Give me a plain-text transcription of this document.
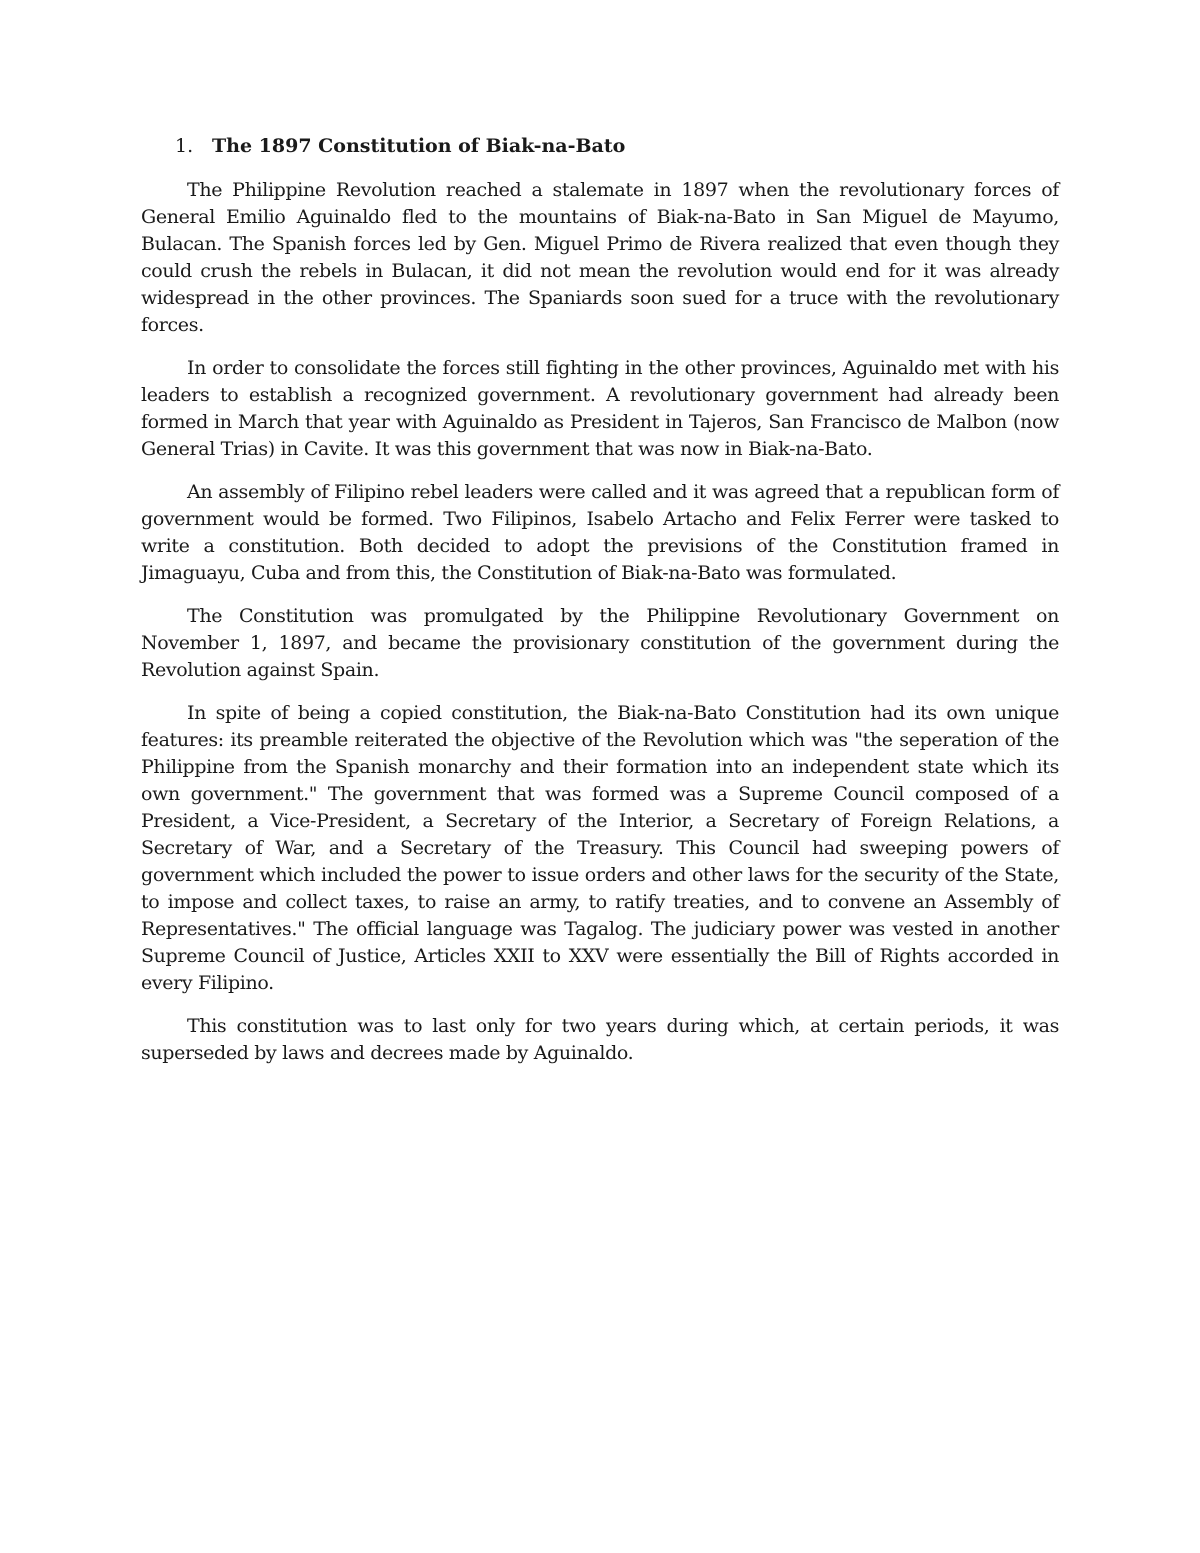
1. The 1897 Constitution of Biak-na-Bato

The Philippine Revolution reached a stalemate in 1897 when the revolutionary forces of General Emilio Aguinaldo fled to the mountains of Biak-na-Bato in San Miguel de Mayumo, Bulacan. The Spanish forces led by Gen. Miguel Primo de Rivera realized that even though they could crush the rebels in Bulacan, it did not mean the revolution would end for it was already widespread in the other provinces. The Spaniards soon sued for a truce with the revolutionary forces.

In order to consolidate the forces still fighting in the other provinces, Aguinaldo met with his leaders to establish a recognized government. A revolutionary government had already been formed in March that year with Aguinaldo as President in Tajeros, San Francisco de Malbon (now General Trias) in Cavite. It was this government that was now in Biak-na-Bato.

An assembly of Filipino rebel leaders were called and it was agreed that a republican form of government would be formed. Two Filipinos, Isabelo Artacho and Felix Ferrer were tasked to write a constitution. Both decided to adopt the previsions of the Constitution framed in Jimaguayu, Cuba and from this, the Constitution of Biak-na-Bato was formulated.

The Constitution was promulgated by the Philippine Revolutionary Government on November 1, 1897, and became the provisionary constitution of the government during the Revolution against Spain.

In spite of being a copied constitution, the Biak-na-Bato Constitution had its own unique features: its preamble reiterated the objective of the Revolution which was "the seperation of the Philippine from the Spanish monarchy and their formation into an independent state which its own government." The government that was formed was a Supreme Council composed of a President, a Vice-President, a Secretary of the Interior, a Secretary of Foreign Relations, a Secretary of War, and a Secretary of the Treasury. This Council had sweeping powers of government which included the power to issue orders and other laws for the security of the State, to impose and collect taxes, to raise an army, to ratify treaties, and to convene an Assembly of Representatives." The official language was Tagalog. The judiciary power was vested in another Supreme Council of Justice, Articles XXII to XXV were essentially the Bill of Rights accorded in every Filipino.

This constitution was to last only for two years during which, at certain periods, it was superseded by laws and decrees made by Aguinaldo.
